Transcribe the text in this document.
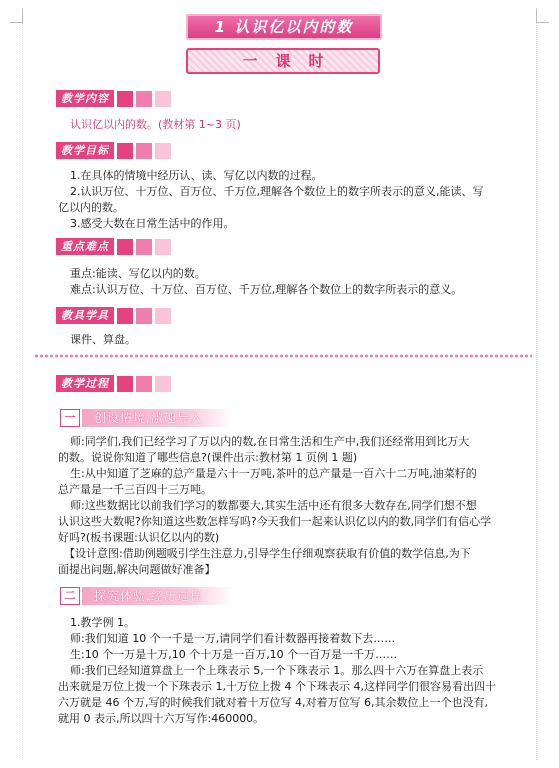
1 认识亿以内的数
一课时
教学内容
认识亿以内的数。(教材第 1~3 页)
教学目标
1.在具体的情境中经历认、读、写亿以内数的过程。
2.认识万位、十万位、百万位、千万位,理解各个数位上的数字所表示的意义,能读、写
亿以内的数。
3.感受大数在日常生活中的作用。
重点难点
重点:能读、写亿以内的数。
难点:认识万位、十万位、百万位、千万位,理解各个数位上的数字所表示的意义。
教具学具
课件、算盘。
教学过程
一	创设情境,激趣导入
师:同学们,我们已经学习了万以内的数,在日常生活和生产中,我们还经常用到比万大
的数。说说你知道了哪些信息?(课件出示:教材第 1 页例 1 题)
生:从中知道了芝麻的总产量是六十一万吨,茶叶的总产量是一百六十二万吨,油菜籽的
总产量是一千三百四十三万吨。
师:这些数据比以前我们学习的数都要大,其实生活中还有很多大数存在,同学们想不想
认识这些大数呢?你知道这些数怎样写吗?今天我们一起来认识亿以内的数,同学们有信心学
好吗?(板书课题:认识亿以内的数)
【设计意图:借助例题吸引学生注意力,引导学生仔细观察获取有价值的数学信息,为下
面提出问题,解决问题做好准备】
二	探究体验,经历过程
1.教学例 1。
师:我们知道 10 个一千是一万,请同学们看计数器再接着数下去……
生:10 个一万是十万,10 个十万是一百万,10 个一百万是一千万……
师:我们已经知道算盘上一个上珠表示 5,一个下珠表示 1。那么四十六万在算盘上表示
出来就是万位上拨一个下珠表示 1,十万位上拨 4 个下珠表示 4,这样同学们很容易看出四十
六万就是 46 个万,写的时候我们就对着十万位写 4,对着万位写 6,其余数位上一个也没有,
就用 0 表示,所以四十六万写作:460000。
